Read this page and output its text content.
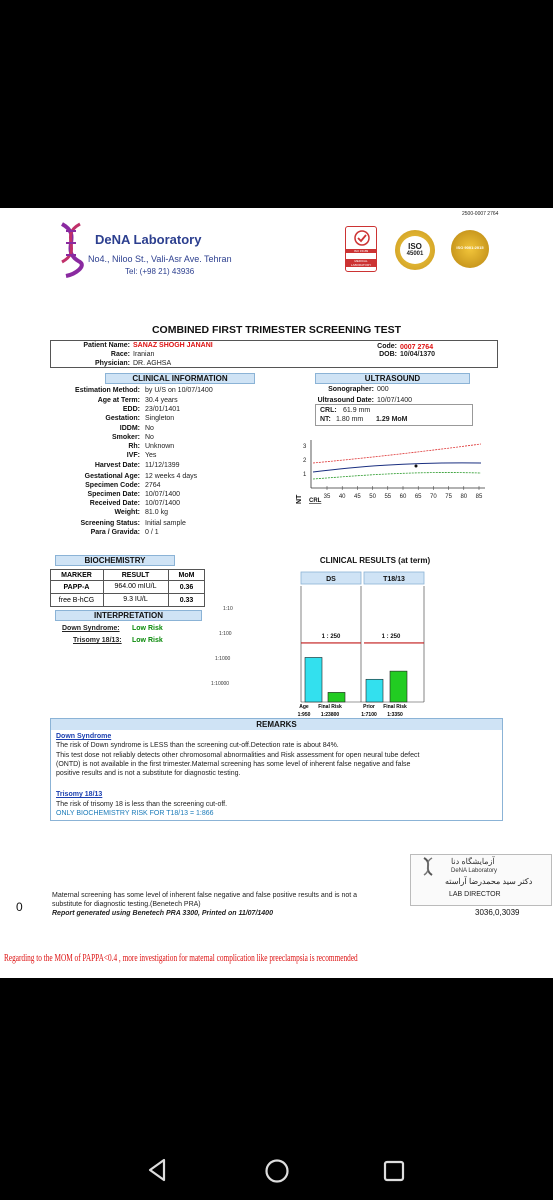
2500-0007 2764
DeNA Laboratory
No4., Niloo St., Vali-Asr Ave. Tehran
Tel: (+98 21) 43936
ISO 15189
MEDICAL LABORATORY
ISO
45001
ISO 9001:2015
COMBINED FIRST TRIMESTER SCREENING TEST
Patient Name: SANAZ SHOGH JANANI
Race: Iranian
Physician: DR. AGHSA
Code: 0007 2764
DOB: 10/04/1370
CLINICAL INFORMATION
Estimation Method: by U/S on 10/07/1400
Age at Term: 30.4 years
EDD: 23/01/1401
Gestation: Singleton
IDDM: No
Smoker: No
Rh: Unknown
IVF: Yes
Harvest Date: 11/12/1399
Gestational Age: 12 weeks 4 days
Specimen Code: 2764
Specimen Date: 10/07/1400
Received Date: 10/07/1400
Weight: 81.0 kg
Screening Status: Initial sample
Para / Gravida: 0 / 1
ULTRASOUND
Sonographer: 000
Ultrasound Date: 10/07/1400
CRL: 61.9 mm
NT: 1.80 mm 1.29 MoM
3
2
1
35 40 45 50 55 60 65 70 75 80 85
NT CRL
BIOCHEMISTRY
MARKER	RESULT	MoM
PAPP-A	964.00 mIU/L	0.36
free B-hCG	9.3 IU/L	0.33
INTERPRETATION
Down Syndrome: Low Risk
Trisomy 18/13: Low Risk
CLINICAL RESULTS (at term)
DS	T18/13
1:10
1:100
1:1000
1:10000
1 : 250	1 : 250
Age
1:950
Final Risk
1:23800
Prior
1:7100
Final Risk
1:3350
REMARKS
Down Syndrome
The risk of Down syndrome is LESS than the screening cut-off.Detection rate is about 84%.
This test dose not reliably detects other chromosomal abnormalities and Risk assessment for open neural tube defect
(ONTD) is not available in the first trimester.Maternal screening has some level of inherent false negative and false
positive results and is not a substitute for diagnostic testing.
Trisomy 18/13
The risk of trisomy 18 is less than the screening cut-off.
ONLY BIOCHEMISTRY RISK FOR T18/13 = 1:866
آزمایشگاه دنا
DeNA Laboratory
دکتر سید محمدرضا آراسته
LAB DIRECTOR
Maternal screening has some level of inherent false negative and false positive results and is not a
substitute for diagnostic testing.(Benetech PRA)
Report generated using Benetech PRA 3300, Printed on 11/07/1400	3036,0,3039
0
Regarding to the MOM of PAPPA<0.4 , more investigation for maternal complication like preeclampsia is recommended
